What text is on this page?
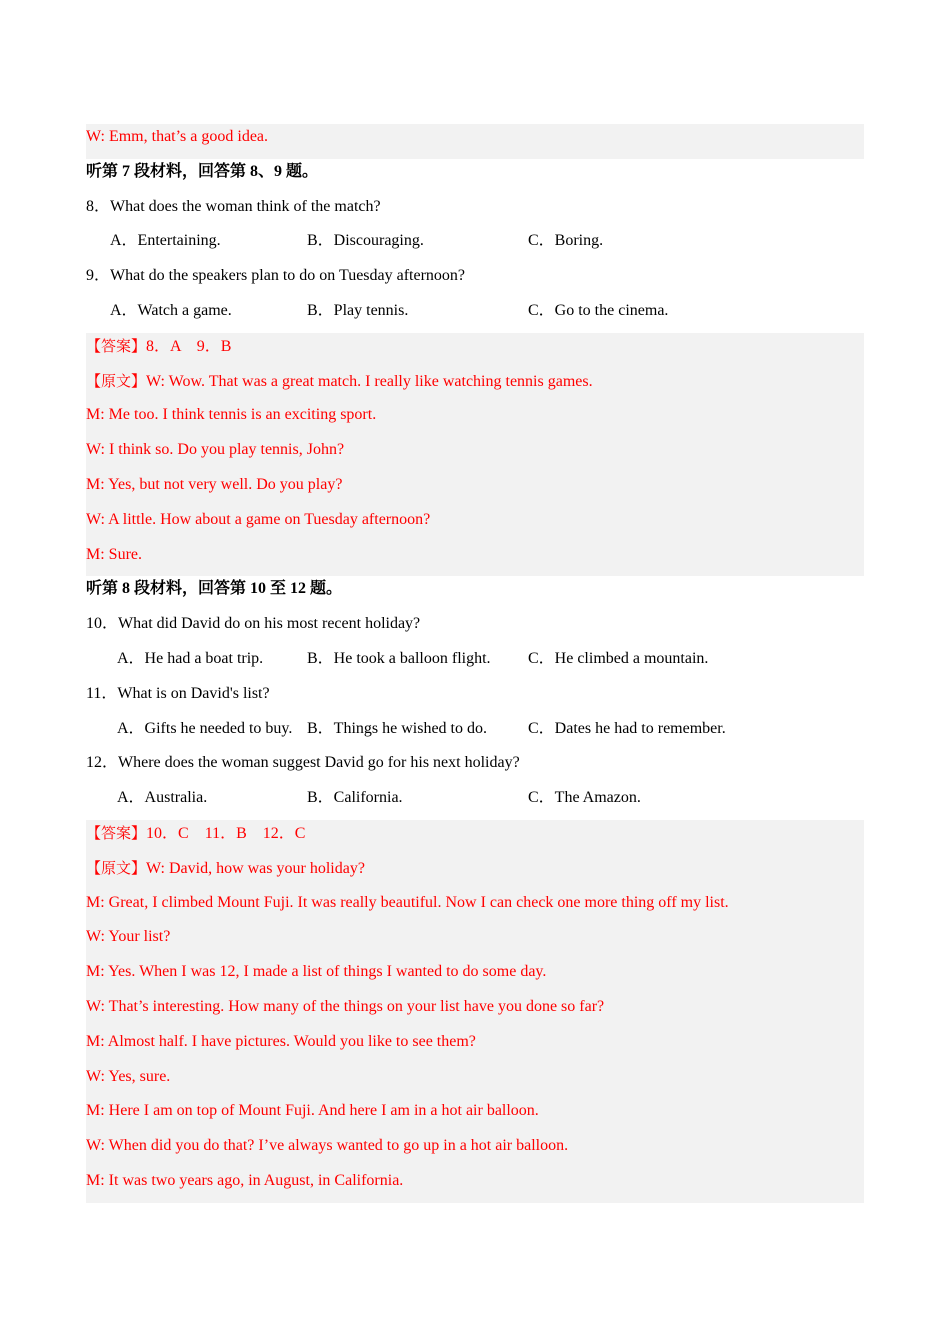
W: Emm, that’s a good idea.
听第 7 段材料，回答第 8、9 题。
8．What does the woman think of the match?
A．Entertaining.	B．Discouraging.	C．Boring.
9．What do the speakers plan to do on Tuesday afternoon?
A．Watch a game.	B．Play tennis.	C．Go to the cinema.
【答案】8．A    9．B
【原文】W: Wow. That was a great match. I really like watching tennis games.
M: Me too. I think tennis is an exciting sport.
W: I think so. Do you play tennis, John?
M: Yes, but not very well. Do you play?
W: A little. How about a game on Tuesday afternoon?
M: Sure.
听第 8 段材料，回答第 10 至 12 题。
10．What did David do on his most recent holiday?
A．He had a boat trip.	B．He took a balloon flight. C．He climbed a mountain.
11．What is on David's list?
A．Gifts he needed to buy. B．Things he wished to do.	C．Dates he had to remember.
12．Where does the woman suggest David go for his next holiday?
A．Australia.	B．California.	C．The Amazon.
【答案】10．C    11．B    12．C
【原文】W: David, how was your holiday?
M: Great, I climbed Mount Fuji. It was really beautiful. Now I can check one more thing off my list.
W: Your list?
M: Yes. When I was 12, I made a list of things I wanted to do some day.
W: That’s interesting. How many of the things on your list have you done so far?
M: Almost half. I have pictures. Would you like to see them?
W: Yes, sure.
M: Here I am on top of Mount Fuji. And here I am in a hot air balloon.
W: When did you do that? I’ve always wanted to go up in a hot air balloon.
M: It was two years ago, in August, in California.
